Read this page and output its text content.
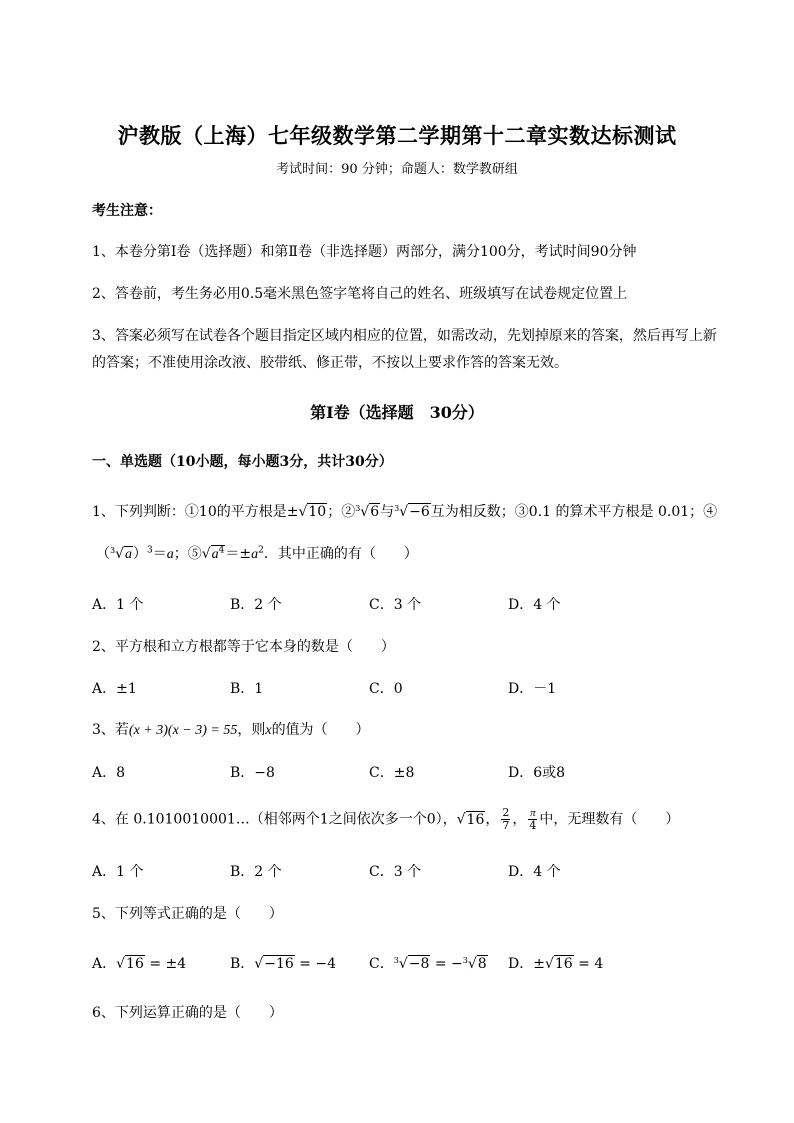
沪教版（上海）七年级数学第二学期第十二章实数达标测试
考试时间：90 分钟；命题人：数学教研组
考生注意：
1、本卷分第I卷（选择题）和第Ⅱ卷（非选择题）两部分，满分100分，考试时间90分钟
2、答卷前，考生务必用0.5毫米黑色签字笔将自己的姓名、班级填写在试卷规定位置上
3、答案必须写在试卷各个题目指定区域内相应的位置，如需改动，先划掉原来的答案，然后再写上新
的答案；不准使用涂改液、胶带纸、修正带，不按以上要求作答的答案无效。
第I卷（选择题　30分）
一、单选题（10小题，每小题3分，共计30分）
1、下列判断：①10的平方根是±√10；②$^3$√6与$^3$√−6互为相反数；③0.1 的算术平方根是 0.01；④
$(^3√a)^3=a$；$⑤√a^4=\pm a^2$．其中正确的有（　　）
A．1 个	B．2 个	C．3 个	D．4 个
2、平方根和立方根都等于它本身的数是（　　）
A．±1	B．1	C．0	D．－1
3、若(x + 3)(x − 3) = 55，则x的值为（　　）
A．8	B．−8	C．±8	D．6或8
4、在 0.1010010001…（相邻两个1之间依次多一个0），√16， $\frac{2}{7}$ ， $\frac{\pi}{4}$ 中，无理数有（　　）
A．1 个	B．2 个	C．3 个	D．4 个
5、下列等式正确的是（　　）
A．√16 = ±4	B．√−16 = −4 C．$^3$√−8 = −$^3$√8 D．±√16 = 4
6、下列运算正确的是（　　）
